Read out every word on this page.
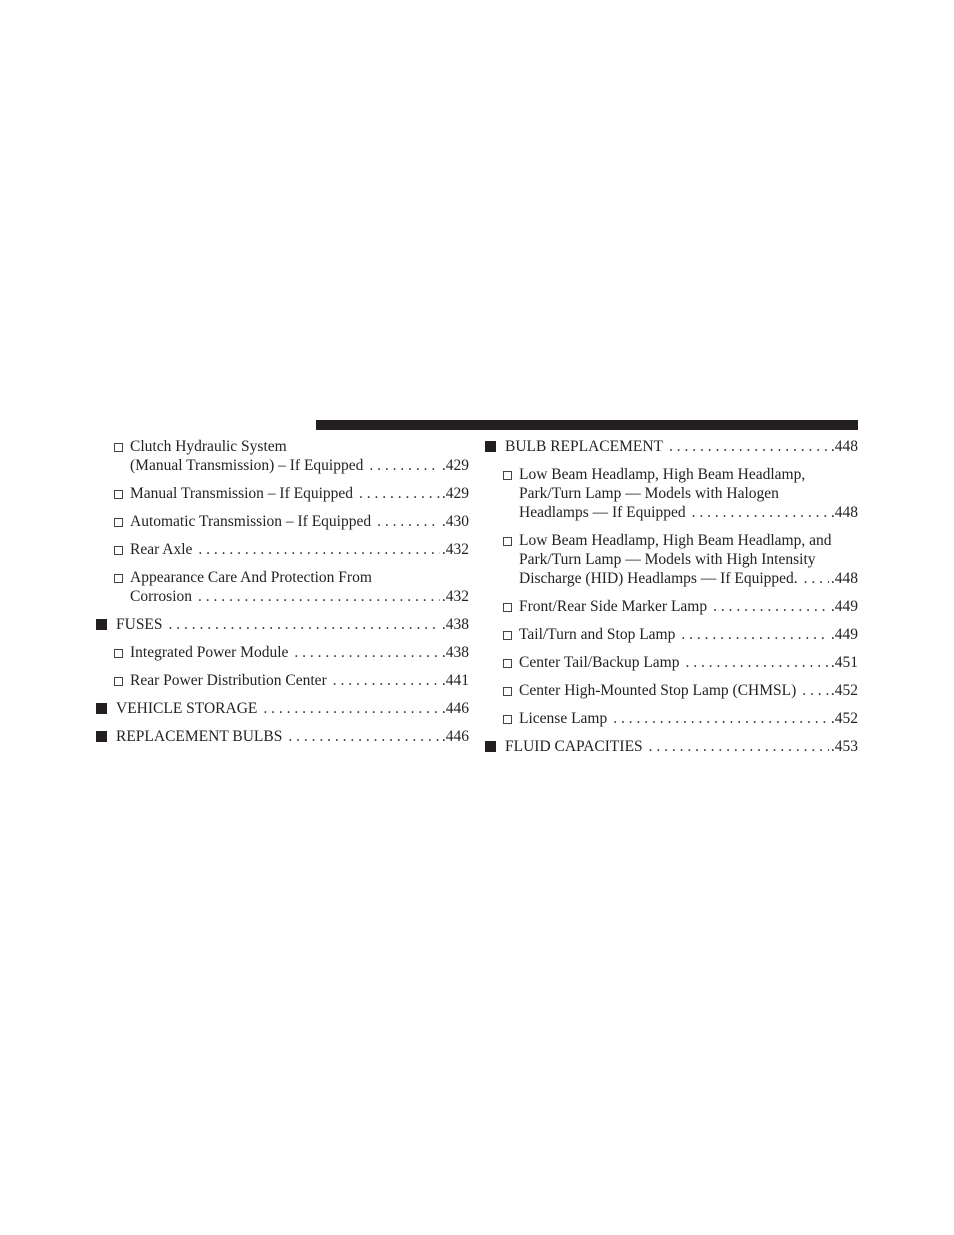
Clutch Hydraulic System
(Manual Transmission) – If Equipped . . .	.429
Manual Transmission – If Equipped . . .	.429
Automatic Transmission – If Equipped . . .	.430
Rear Axle . . .	.432
Appearance Care And Protection From
Corrosion . . .	.432
FUSES . . .	.438
Integrated Power Module . . .	.438
Rear Power Distribution Center . . .	.441
VEHICLE STORAGE . . .	.446
REPLACEMENT BULBS . . .	.446
BULB REPLACEMENT . . .	.448
Low Beam Headlamp, High Beam Headlamp,
Park/Turn Lamp — Models with Halogen
Headlamps — If Equipped . . .	.448
Low Beam Headlamp, High Beam Headlamp, and
Park/Turn Lamp — Models with High Intensity
Discharge (HID) Headlamps — If Equipped. . . . .448
Front/Rear Side Marker Lamp . . .	.449
Tail/Turn and Stop Lamp . . .	.449
Center Tail/Backup Lamp . . .	.451
Center High-Mounted Stop Lamp (CHMSL) . . . .452
License Lamp . . .	.452
FLUID CAPACITIES . . .	.453
